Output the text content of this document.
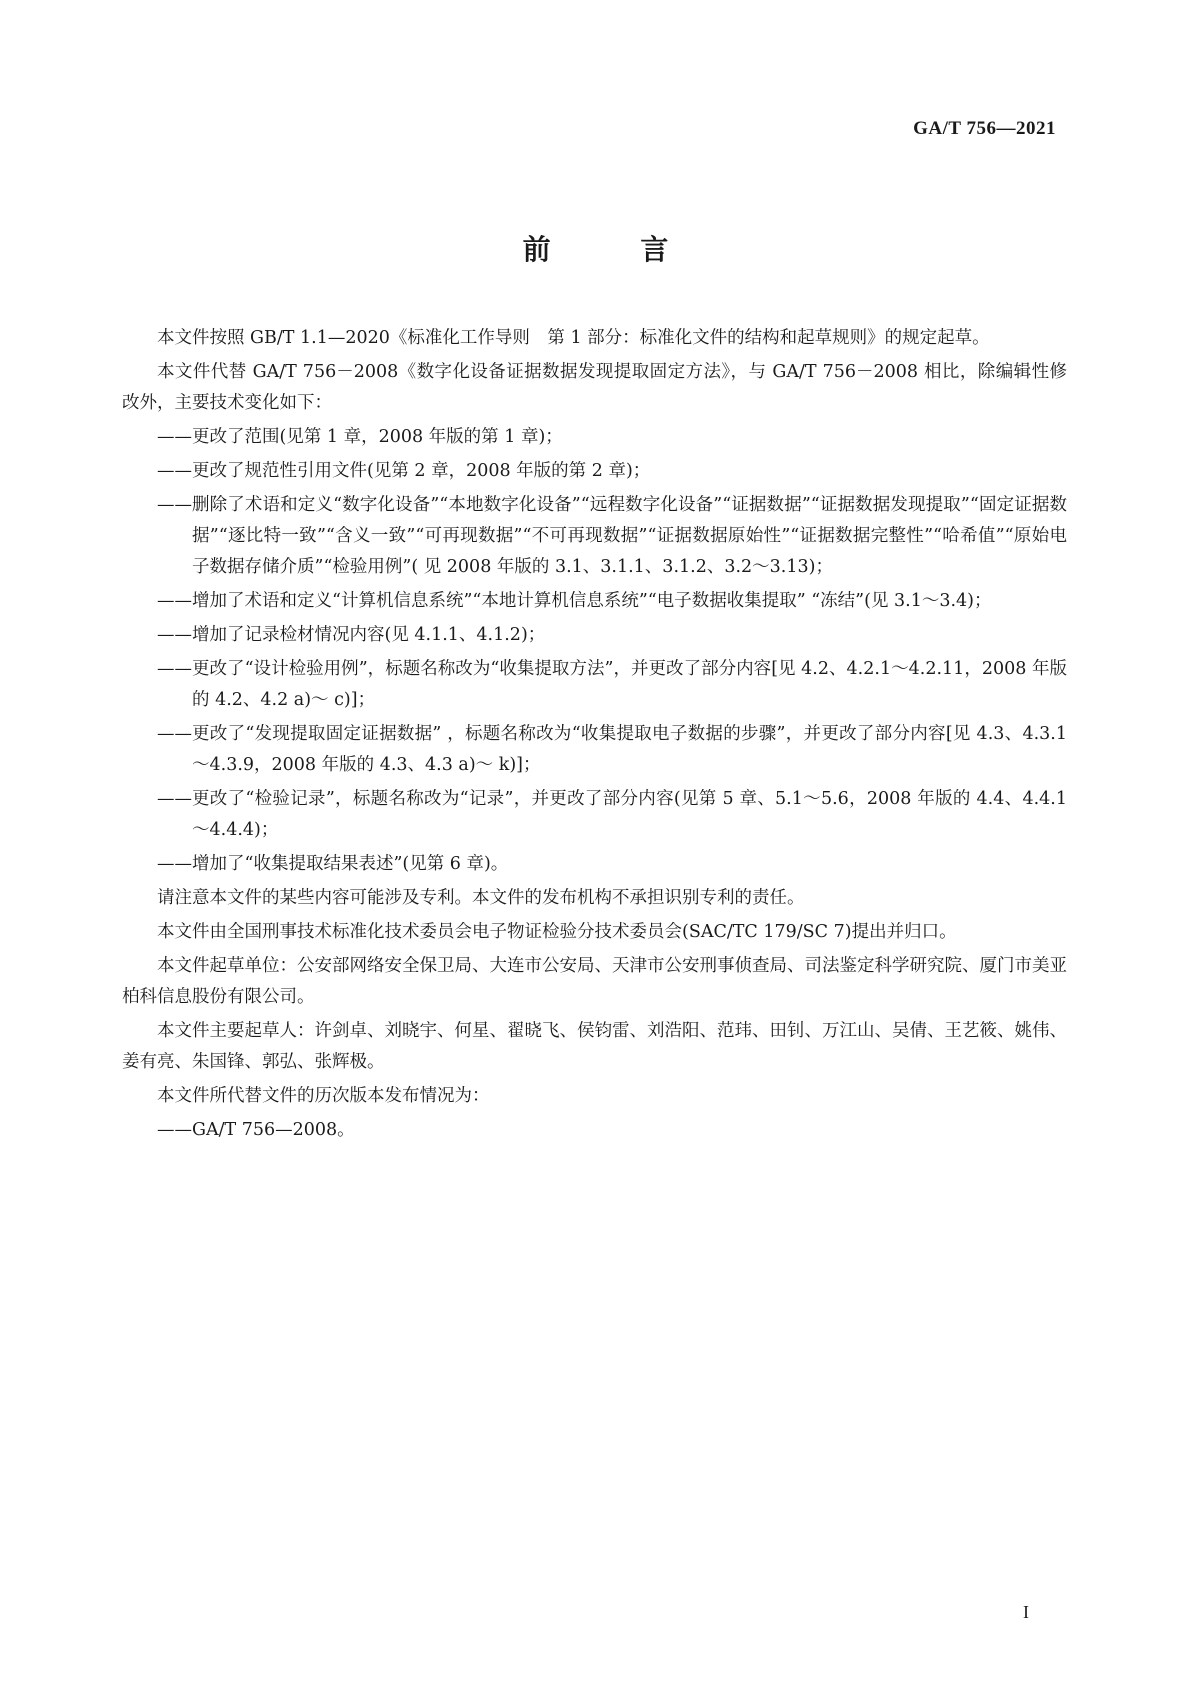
GA/T 756—2021
前 言

本文件按照 GB/T 1.1—2020《标准化工作导则　第 1 部分：标准化文件的结构和起草规则》的规定起草。

本文件代替 GA/T 756－2008《数字化设备证据数据发现提取固定方法》，与 GA/T 756－2008 相比，除编辑性修改外，主要技术变化如下：

—— 更改了范围(见第 1 章，2008 年版的第 1 章)；
—— 更改了规范性引用文件(见第 2 章，2008 年版的第 2 章)；
—— 删除了术语和定义“数字化设备”“本地数字化设备”“远程数字化设备”“证据数据”“证据数据发现提取”“固定证据数据”“逐比特一致”“含义一致”“可再现数据”“不可再现数据”“证据数据原始性”“证据数据完整性”“哈希值”“原始电子数据存储介质”“检验用例”( 见 2008 年版的 3.1、3.1.1、3.1.2、3.2～3.13)；
—— 增加了术语和定义“计算机信息系统”“本地计算机信息系统”“电子数据收集提取” “冻结”(见 3.1～3.4)；
—— 增加了记录检材情况内容(见 4.1.1、4.1.2)；
—— 更改了“设计检验用例”，标题名称改为“收集提取方法”，并更改了部分内容[见 4.2、4.2.1～4.2.11，2008 年版的 4.2、4.2 a)～ c)]；
—— 更改了“发现提取固定证据数据” ，标题名称改为“收集提取电子数据的步骤”，并更改了部分内容[见 4.3、4.3.1～4.3.9，2008 年版的 4.3、4.3 a)～ k)]；
—— 更改了“检验记录”，标题名称改为“记录”，并更改了部分内容(见第 5 章、5.1～5.6，2008 年版的 4.4、4.4.1～4.4.4)；
—— 增加了“收集提取结果表述”(见第 6 章)。

请注意本文件的某些内容可能涉及专利。本文件的发布机构不承担识别专利的责任。

本文件由全国刑事技术标准化技术委员会电子物证检验分技术委员会(SAC/TC 179/SC 7)提出并归口。

本文件起草单位：公安部网络安全保卫局、大连市公安局、天津市公安刑事侦查局、司法鉴定科学研究院、厦门市美亚柏科信息股份有限公司。

本文件主要起草人：许剑卓、刘晓宇、何星、翟晓飞、侯钧雷、刘浩阳、范玮、田钊、万江山、吴倩、王艺筱、姚伟、姜有亮、朱国锋、郭弘、张辉极。

本文件所代替文件的历次版本发布情况为：

—— GA/T 756—2008。
I
